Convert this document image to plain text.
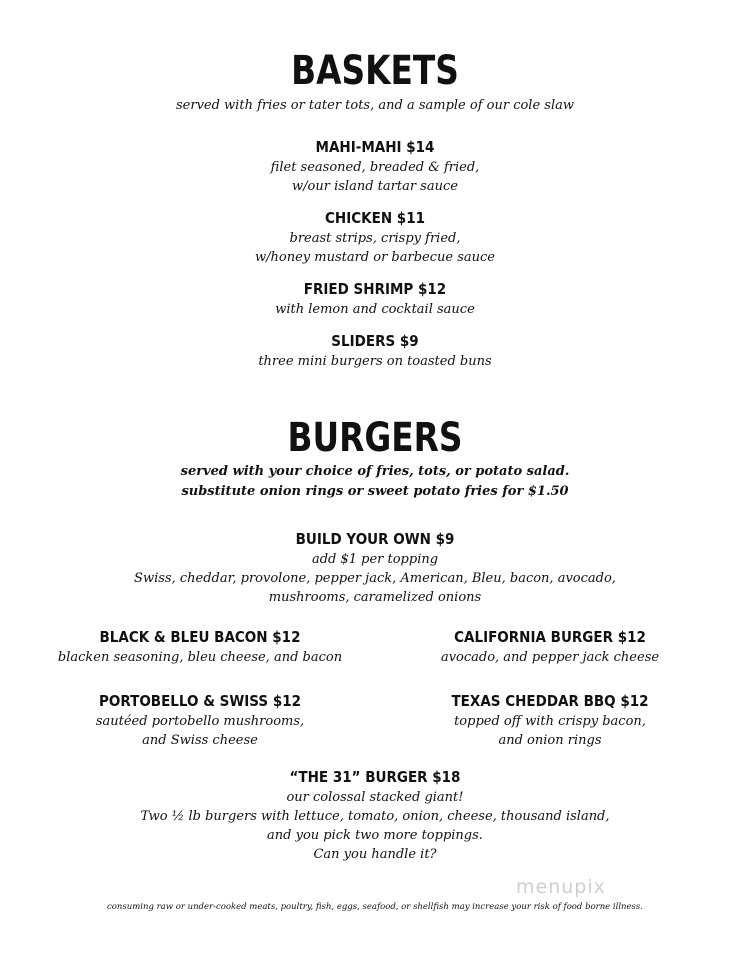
BASKETS
served with fries or tater tots, and a sample of our cole slaw
MAHI-MAHI $14
filet seasoned, breaded & fried,
w/our island tartar sauce
CHICKEN $11
breast strips, crispy fried,
w/honey mustard or barbecue sauce
FRIED SHRIMP $12
with lemon and cocktail sauce
SLIDERS $9
three mini burgers on toasted buns
BURGERS
served with your choice of fries, tots, or potato salad.
substitute onion rings or sweet potato fries for $1.50
BUILD YOUR OWN $9
add $1 per topping
Swiss, cheddar, provolone, pepper jack, American, Bleu, bacon, avocado,
mushrooms, caramelized onions
BLACK & BLEU BACON $12
blacken seasoning, bleu cheese, and bacon
CALIFORNIA BURGER $12
avocado, and pepper jack cheese
PORTOBELLO & SWISS $12
sautéed portobello mushrooms,
and Swiss cheese
TEXAS CHEDDAR BBQ $12
topped off with crispy bacon,
and onion rings
“THE 31” BURGER $18
our colossal stacked giant!
Two ½ lb burgers with lettuce, tomato, onion, cheese, thousand island,
and you pick two more toppings.
Can you handle it?
menupix
consuming raw or under-cooked meats, poultry, fish, eggs, seafood, or shellfish may increase your risk of food borne illness.
